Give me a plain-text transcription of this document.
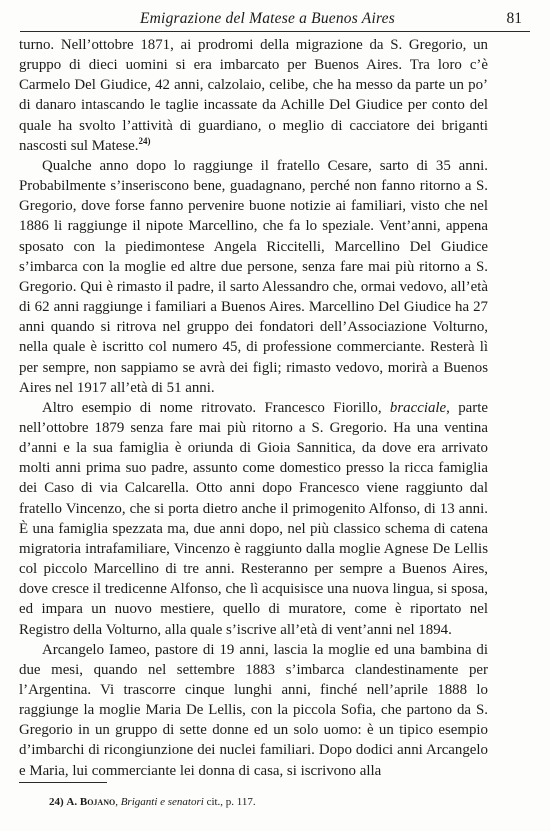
Emigrazione del Matese a Buenos Aires	81

turno. Nell’ottobre 1871, ai prodromi della migrazione da S. Gregorio, un gruppo di dieci uomini si era imbarcato per Buenos Aires. Tra loro c’è Carmelo Del Giudice, 42 anni, calzolaio, celibe, che ha messo da parte un po’ di danaro intascando le taglie incassate da Achille Del Giudice per conto del quale ha svolto l’attività di guardiano, o meglio di cacciatore dei briganti nascosti sul Matese.$^{24)}$

Qualche anno dopo lo raggiunge il fratello Cesare, sarto di 35 anni. Probabilmente s’inseriscono bene, guadagnano, perché non fanno ritorno a S. Gregorio, dove forse fanno pervenire buone notizie ai familiari, visto che nel 1886 li raggiunge il nipote Marcellino, che fa lo speziale. Vent’anni, appena sposato con la piedimontese Angela Riccitelli, Marcellino Del Giudice s’imbarca con la moglie ed altre due persone, senza fare mai più ritorno a S. Gregorio. Qui è rimasto il padre, il sarto Alessandro che, ormai vedovo, all’età di 62 anni raggiunge i familiari a Buenos Aires. Marcellino Del Giudice ha 27 anni quando si ritrova nel gruppo dei fondatori dell’Associazione Volturno, nella quale è iscritto col numero 45, di professione commerciante. Resterà lì per sempre, non sappiamo se avrà dei figli; rimasto vedovo, morirà a Buenos Aires nel 1917 all’età di 51 anni.

Altro esempio di nome ritrovato. Francesco Fiorillo, bracciale, parte nell’ottobre 1879 senza fare mai più ritorno a S. Gregorio. Ha una ventina d’anni e la sua famiglia è oriunda di Gioia Sannitica, da dove era arrivato molti anni prima suo padre, assunto come domestico presso la ricca famiglia dei Caso di via Calcarella. Otto anni dopo Francesco viene raggiunto dal fratello Vincenzo, che si porta dietro anche il primogenito Alfonso, di 13 anni. È una famiglia spezzata ma, due anni dopo, nel più classico schema di catena migratoria intrafamiliare, Vincenzo è raggiunto dalla moglie Agnese De Lellis col piccolo Marcellino di tre anni. Resteranno per sempre a Buenos Aires, dove cresce il tredicenne Alfonso, che lì acquisisce una nuova lingua, si sposa, ed impara un nuovo mestiere, quello di muratore, come è riportato nel Registro della Volturno, alla quale s’iscrive all’età di vent’anni nel 1894.

Arcangelo Iameo, pastore di 19 anni, lascia la moglie ed una bambina di due mesi, quando nel settembre 1883 s’imbarca clandestinamente per l’Argentina. Vi trascorre cinque lunghi anni, finché nell’aprile 1888 lo raggiunge la moglie Maria De Lellis, con la piccola Sofia, che partono da S. Gregorio in un gruppo di sette donne ed un solo uomo: è un tipico esempio d’imbarchi di ricongiunzione dei nuclei familiari. Dopo dodici anni Arcangelo e Maria, lui commerciante lei donna di casa, si iscrivono alla

24) A. Bojano, Briganti e senatori cit., p. 117.
